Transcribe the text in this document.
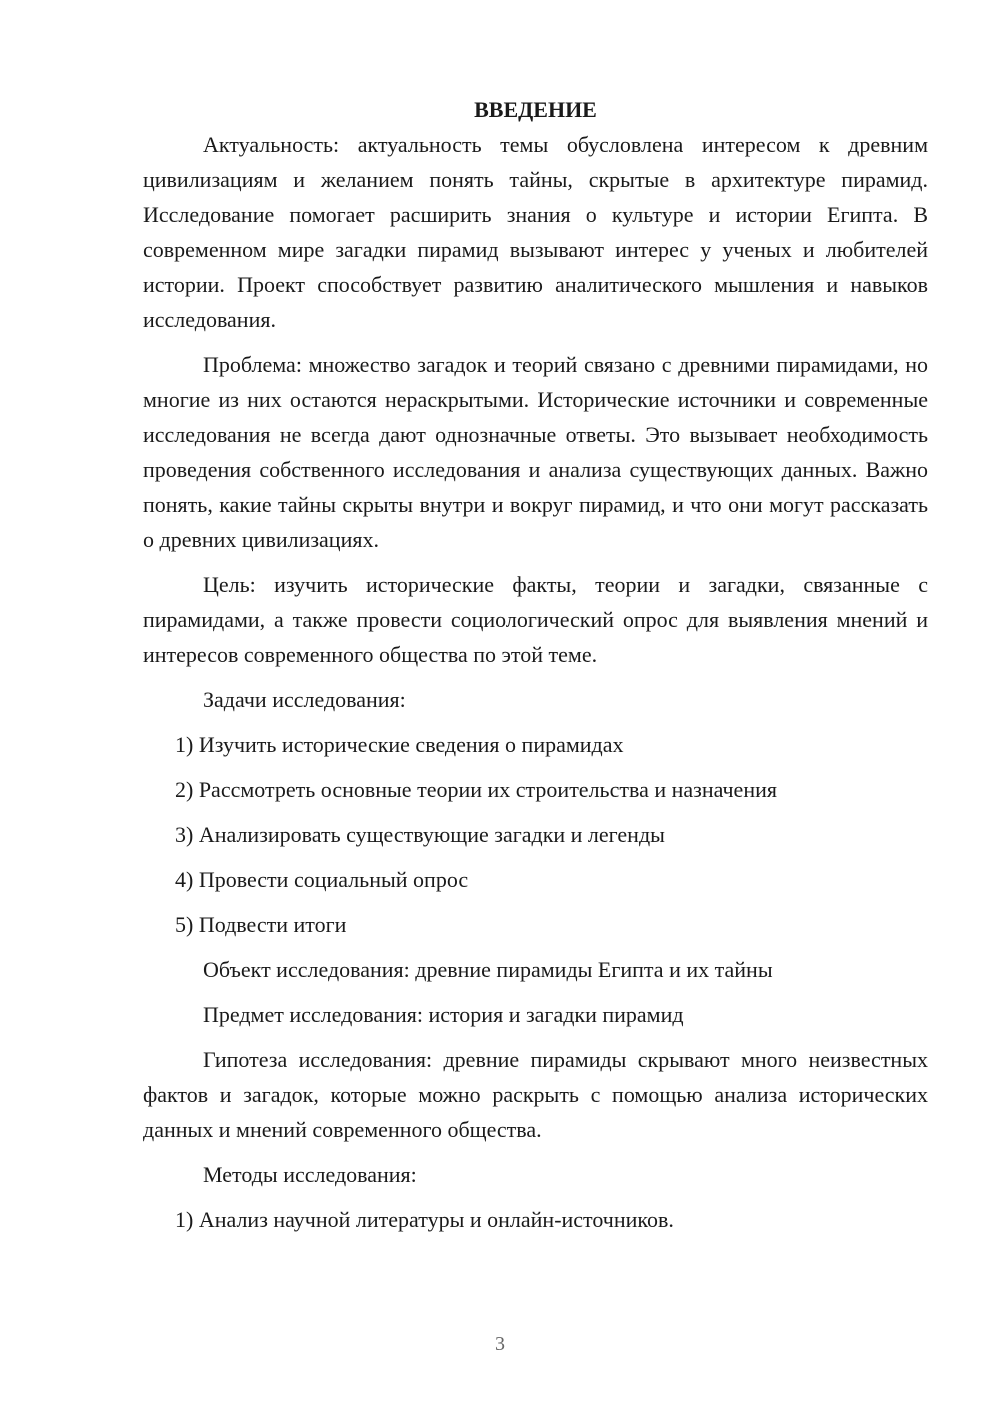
ВВЕДЕНИЕ

Актуальность: актуальность темы обусловлена интересом к древним цивилизациям и желанием понять тайны, скрытые в архитектуре пирамид. Исследование помогает расширить знания о культуре и истории Египта. В современном мире загадки пирамид вызывают интерес у ученых и любителей истории. Проект способствует развитию аналитического мышления и навыков исследования.

Проблема: множество загадок и теорий связано с древними пирамидами, но многие из них остаются нераскрытыми. Исторические источники и современные исследования не всегда дают однозначные ответы. Это вызывает необходимость проведения собственного исследования и анализа существующих данных. Важно понять, какие тайны скрыты внутри и вокруг пирамид, и что они могут рассказать о древних цивилизациях.

Цель: изучить исторические факты, теории и загадки, связанные с пирамидами, а также провести социологический опрос для выявления мнений и интересов современного общества по этой теме.

Задачи исследования:

1) Изучить исторические сведения о пирамидах

2) Рассмотреть основные теории их строительства и назначения

3) Анализировать существующие загадки и легенды

4) Провести социальный опрос

5) Подвести итоги

Объект исследования: древние пирамиды Египта и их тайны

Предмет исследования: история и загадки пирамид

Гипотеза исследования: древние пирамиды скрывают много неизвестных фактов и загадок, которые можно раскрыть с помощью анализа исторических данных и мнений современного общества.

Методы исследования:

1) Анализ научной литературы и онлайн-источников.

3
